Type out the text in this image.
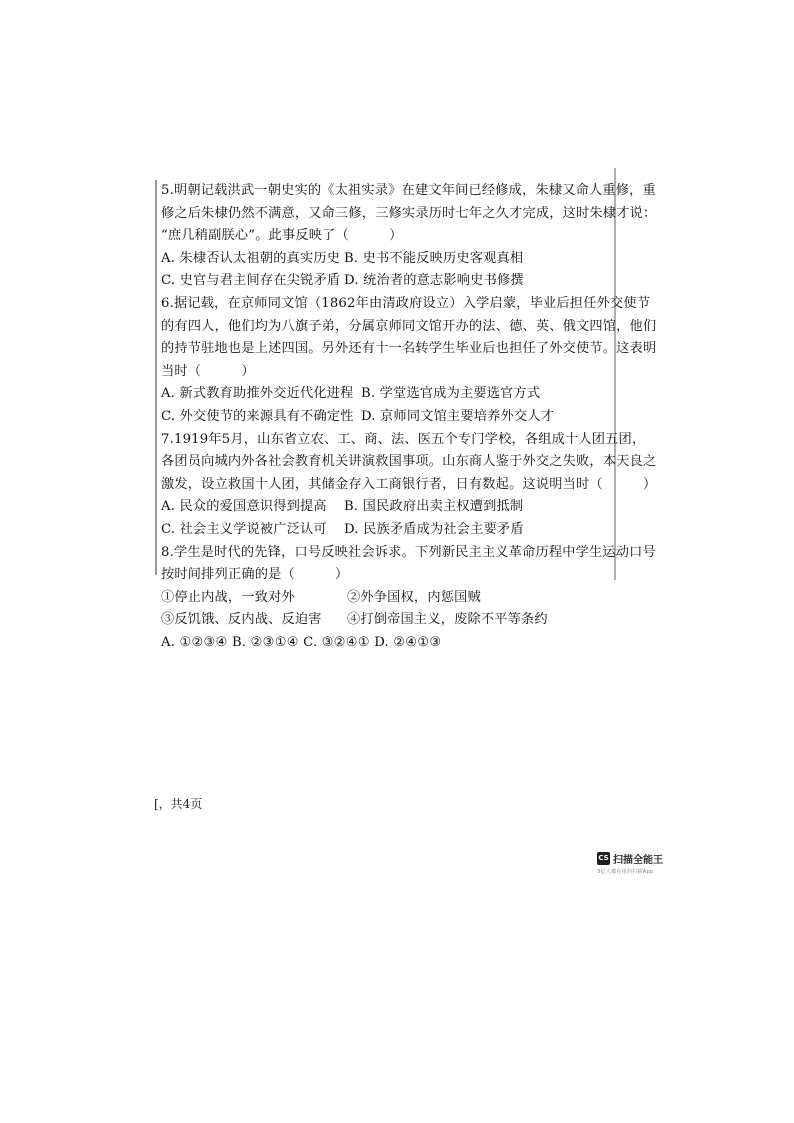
5.明朝记载洪武一朝史实的《太祖实录》在建文年间已经修成，朱棣又命人重修，重
修之后朱棣仍然不满意，又命三修，三修实录历时七年之久才完成，这时朱棣才说：
“庶几稍副朕心”。此事反映了（　　　）
A. 朱棣否认太祖朝的真实历史 B. 史书不能反映历史客观真相
C. 史官与君主间存在尖锐矛盾 D. 统治者的意志影响史书修撰
6.据记载，在京师同文馆（1862年由清政府设立）入学启蒙，毕业后担任外交使节
的有四人，他们均为八旗子弟，分属京师同文馆开办的法、德、英、俄文四馆，他们
的持节驻地也是上述四国。另外还有十一名转学生毕业后也担任了外交使节。这表明
当时（　　　）
A. 新式教育助推外交近代化进程 B. 学堂选官成为主要选官方式
C. 外交使节的来源具有不确定性 D. 京师同文馆主要培养外交人才
7.1919年5月，山东省立农、工、商、法、医五个专门学校，各组成十人团五团，
各团员向城内外各社会教育机关讲演救国事项。山东商人鉴于外交之失败，本天良之
激发，设立救国十人团，其储金存入工商银行者，日有数起。这说明当时（　　　）
A. 民众的爱国意识得到提高 B. 国民政府出卖主权遭到抵制
C. 社会主义学说被广泛认可 D. 民族矛盾成为社会主要矛盾
8.学生是时代的先锋，口号反映社会诉求。下列新民主主义革命历程中学生运动口号
按时间排列正确的是（　　　）
①停止内战，一致对外	②外争国权，内惩国贼
③反饥饿、反内战、反迫害 ④打倒帝国主义，废除不平等条约
A. ①②③④ B. ②③①④ C. ③②④① D. ②④①③
[，共4页
CS 扫描全能王
3亿人都在用的扫描App
